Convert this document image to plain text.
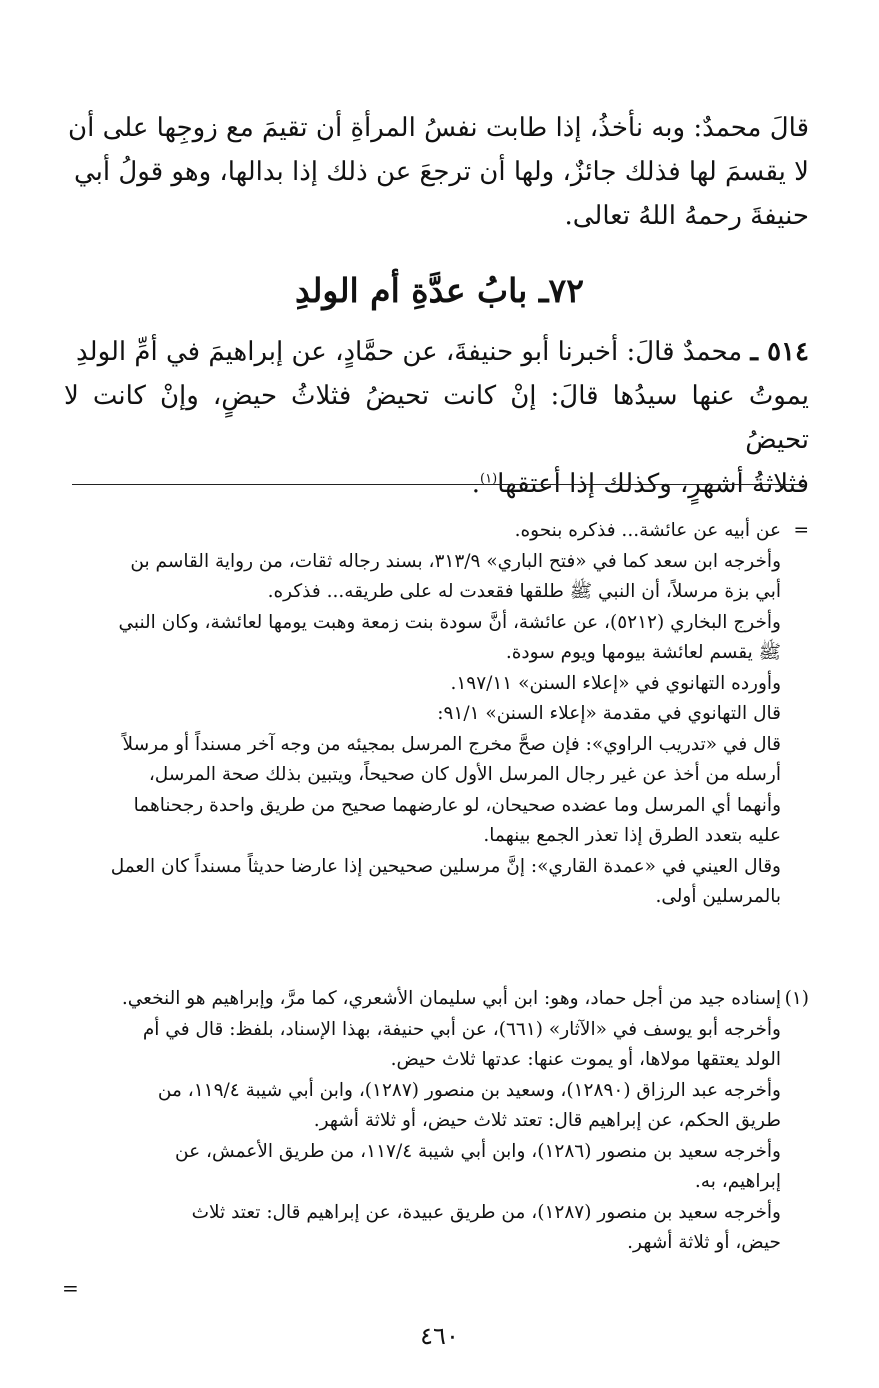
قالَ محمدٌ: وبه نأخذُ، إذا طابت نفسُ المرأةِ أن تقيمَ مع زوجِها على أن
لا يقسمَ لها فذلك جائزٌ، ولها أن ترجعَ عن ذلك إذا بدالها، وهو قولُ أبي
حنيفةَ رحمهُ اللهُ تعالى.
٧٢ـ بابُ عدَّةِ أم الولدِ
٥١٤ ـ محمدٌ قالَ: أخبرنا أبو حنيفةَ، عن حمَّادٍ، عن إبراهيمَ في أمِّ الولدِ
يموتُ عنها سيدُها قالَ: إنْ كانت تحيضُ فثلاثُ حيضٍ، وإنْ كانت لا تحيضُ
فثلاثةُ أشهرٍ، وكذلك إذا أعتقها$^{(١)}$.
=
عن أبيه عن عائشة... فذكره بنحوه.
وأخرجه ابن سعد كما في «فتح الباري» ٣١٣/٩، بسند رجاله ثقات، من رواية القاسم بن
أبي بزة مرسلاً، أن النبي ﷺ طلقها فقعدت له على طريقه... فذكره.
وأخرج البخاري (٥٢١٢)، عن عائشة، أنَّ سودة بنت زمعة وهبت يومها لعائشة، وكان النبي
ﷺ يقسم لعائشة بيومها ويوم سودة.
وأورده التهانوي في «إعلاء السنن» ١٩٧/١١.
قال التهانوي في مقدمة «إعلاء السنن» ٩١/١:
قال في «تدريب الراوي»: فإن صحَّ مخرج المرسل بمجيئه من وجه آخر مسنداً أو مرسلاً
أرسله من أخذ عن غير رجال المرسل الأول كان صحيحاً، ويتبين بذلك صحة المرسل،
وأنهما أي المرسل وما عضده صحيحان، لو عارضهما صحيح من طريق واحدة رجحناهما
عليه بتعدد الطرق إذا تعذر الجمع بينهما.
وقال العيني في «عمدة القاري»: إنَّ مرسلين صحيحين إذا عارضا حديثاً مسنداً كان العمل
بالمرسلين أولى.
(١)
إسناده جيد من أجل حماد، وهو: ابن أبي سليمان الأشعري، كما مرَّ، وإبراهيم هو النخعي.
وأخرجه أبو يوسف في «الآثار» (٦٦١)، عن أبي حنيفة، بهذا الإسناد، بلفظ: قال في أم
الولد يعتقها مولاها، أو يموت عنها: عدتها ثلاث حيض.
وأخرجه عبد الرزاق (١٢٨٩٠)، وسعيد بن منصور (١٢٨٧)، وابن أبي شيبة ١١٩/٤، من
طريق الحكم، عن إبراهيم قال: تعتد ثلاث حيض، أو ثلاثة أشهر.
وأخرجه سعيد بن منصور (١٢٨٦)، وابن أبي شيبة ١١٧/٤، من طريق الأعمش، عن
إبراهيم، به.
وأخرجه سعيد بن منصور (١٢٨٧)، من طريق عبيدة، عن إبراهيم قال: تعتد ثلاث
حيض، أو ثلاثة أشهر.
=

٤٦٠
